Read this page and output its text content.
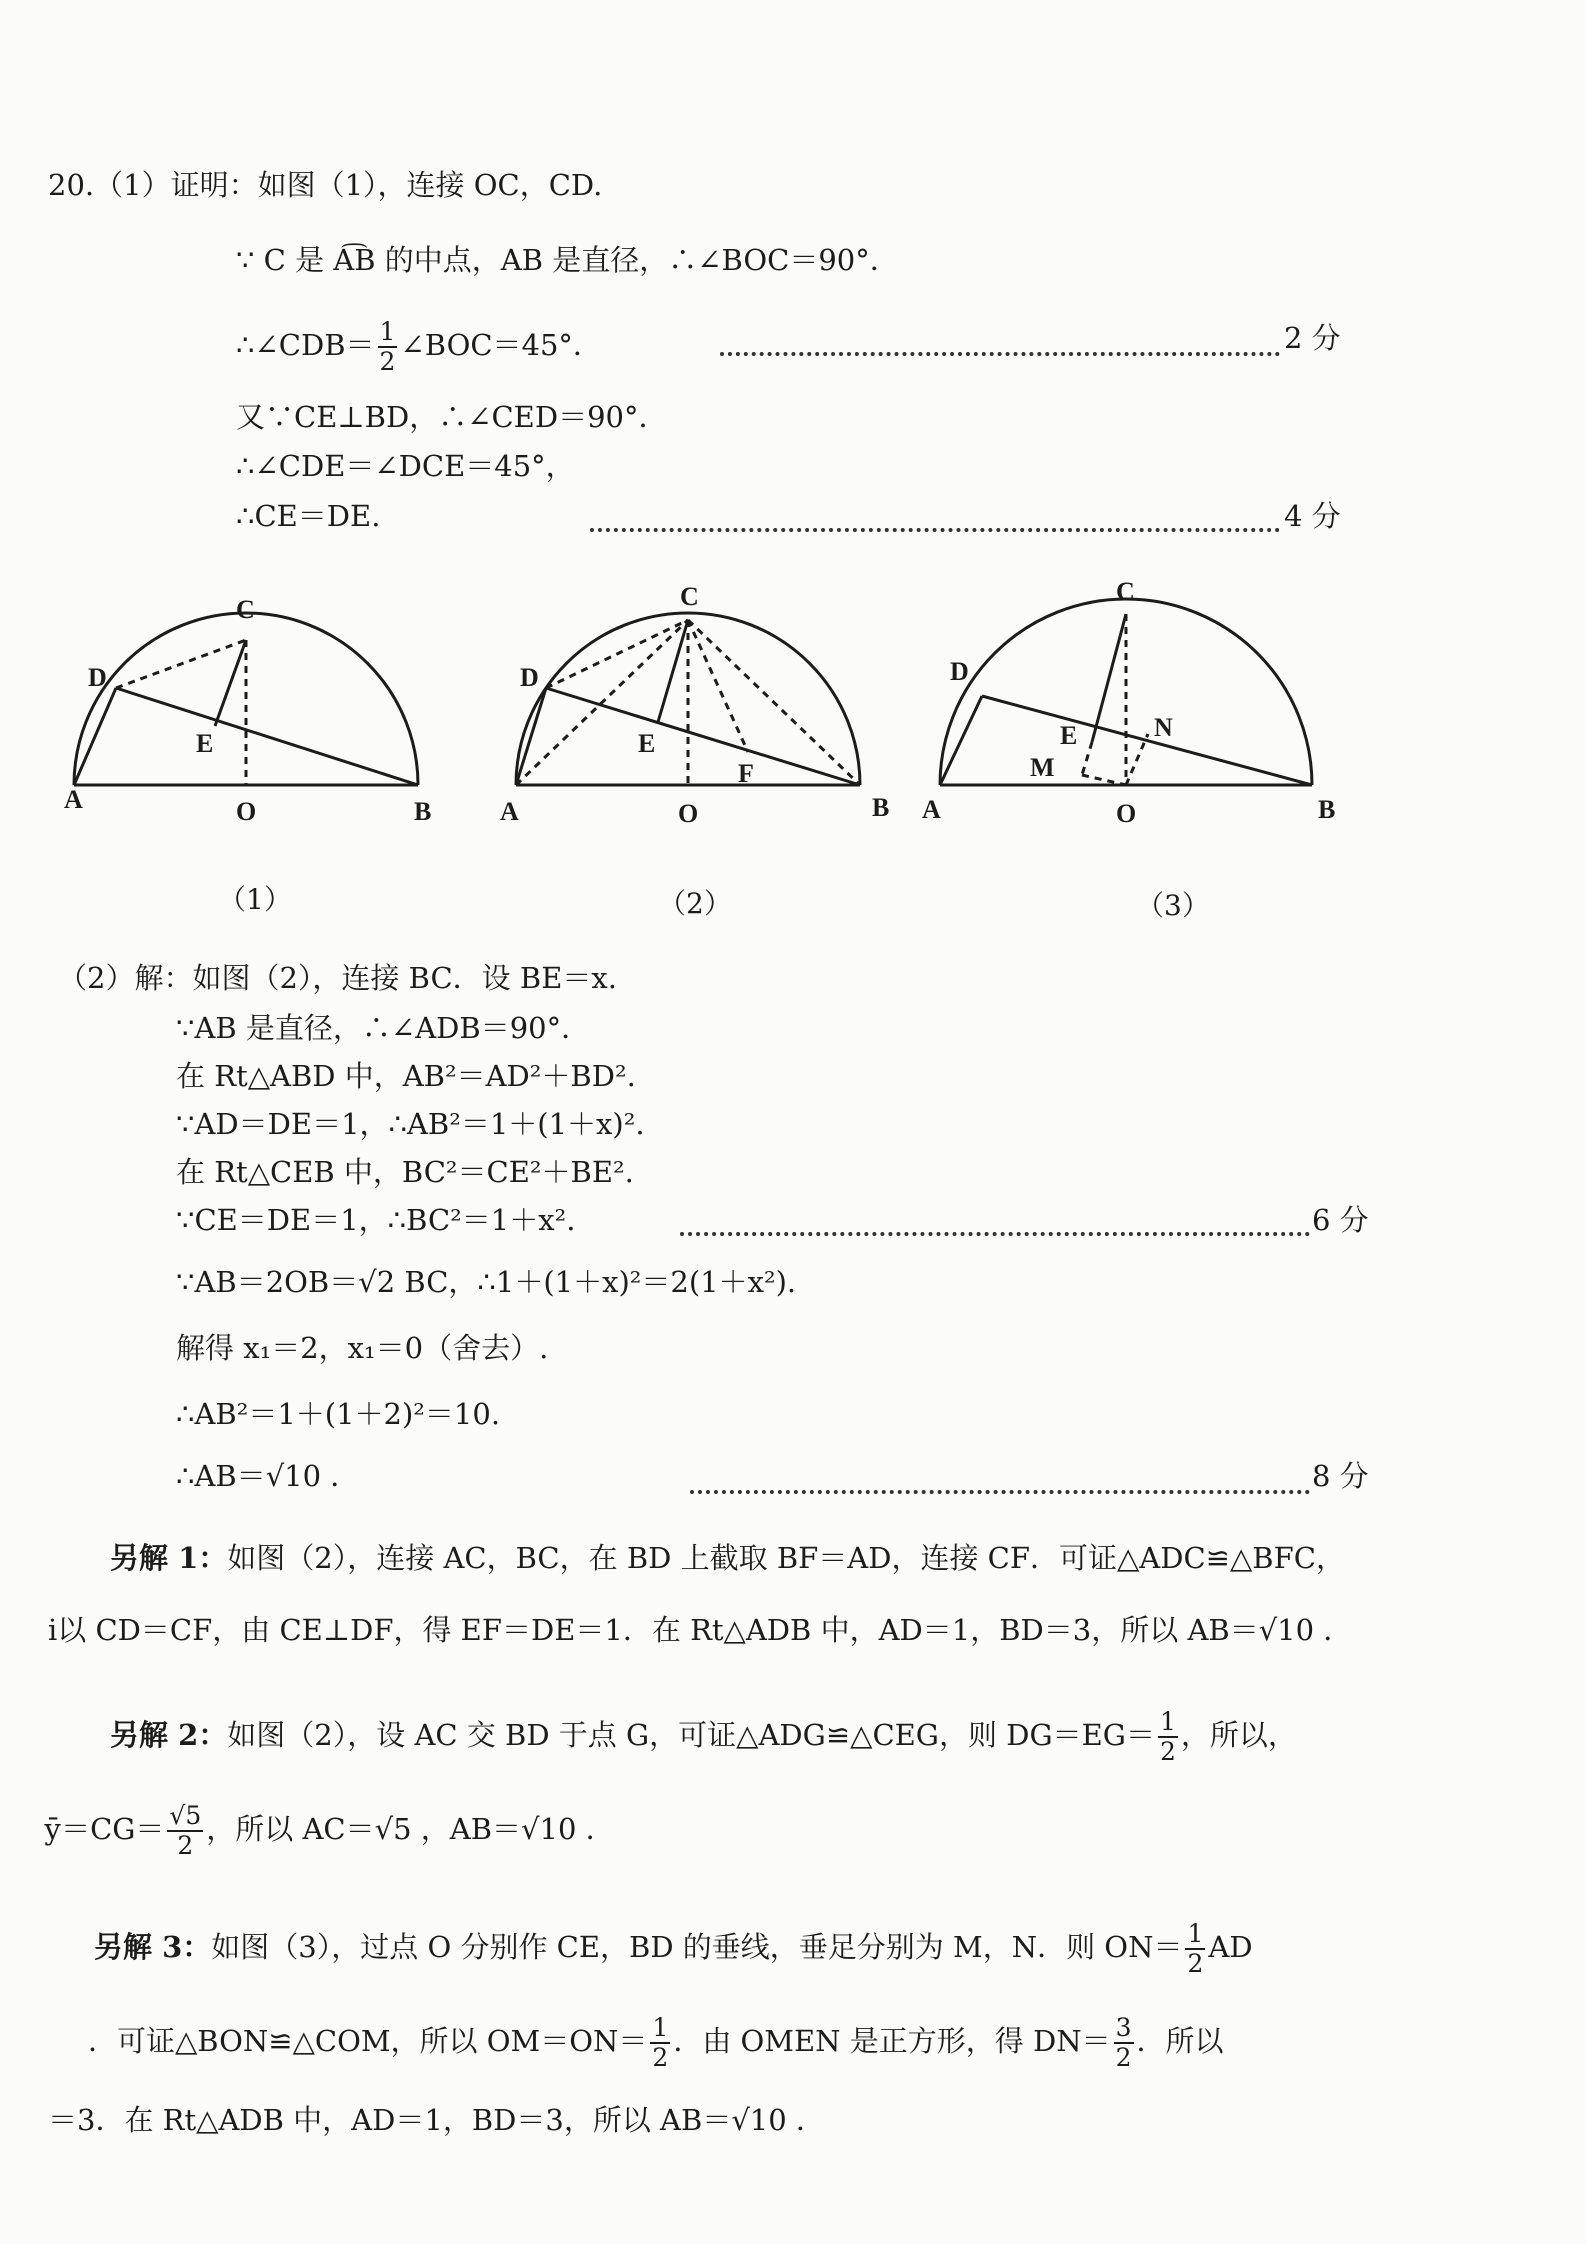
20.（1）证明：如图（1），连接 OC，CD.
∵ C 是 A͡B 的中点，AB 是直径，∴∠BOC＝90°．
∴∠CDB＝ $\frac{1}{2}$ ∠BOC＝45°．	2 分
又∵CE⊥BD，∴∠CED＝90°．
∴∠CDE＝∠DCE＝45°，
∴CE＝DE.	4 分
C
D
E
A	O	B
C
D
E
F
A	O	B
C
D
E	N
M
A	O	B
（1）	（2）	（3）
（2）解：如图（2），连接 BC．设 BE＝x.
∵AB 是直径，∴∠ADB＝90°．
在 Rt△ABD 中，AB²＝AD²＋BD².
∵AD＝DE＝1，∴AB²＝1＋(1＋x)².
在 Rt△CEB 中，BC²＝CE²＋BE².
∵CE＝DE＝1，∴BC²＝1＋x².	6 分
∵AB＝2OB＝√2 BC，∴1＋(1＋x)²＝2(1＋x²).
解得 x₁＝2，x₁＝0（舍去）.
∴AB²＝1＋(1＋2)²＝10.
∴AB＝√10 ．	8 分
另解 1：如图（2），连接 AC，BC，在 BD 上截取 BF＝AD，连接 CF．可证△ADC≌△BFC，
i以 CD＝CF，由 CE⊥DF，得 EF＝DE＝1．在 Rt△ADB 中，AD＝1，BD＝3，所以 AB＝√10 ．
另解 2：如图（2），设 AC 交 BD 于点 G，可证△ADG≌△CEG，则 $DG=EG= \frac{1}{2}$ ，所以，
$ӯ=CG= \frac{√5}{2}$ ，所以 AC＝√5 ，AB＝√10 ．
另解 3：如图（3），过点 O 分别作 CE，BD 的垂线，垂足分别为 M，N．则 $ON= \frac{1}{2}$ AD
．可证△BON≌△COM，所以 $OM=ON= \frac{1}{2}$ ．由 OMEN 是正方形，得 $DN= \frac{3}{2}$ ．所以
＝3．在 Rt△ADB 中，AD＝1，BD＝3，所以 AB＝√10 ．
